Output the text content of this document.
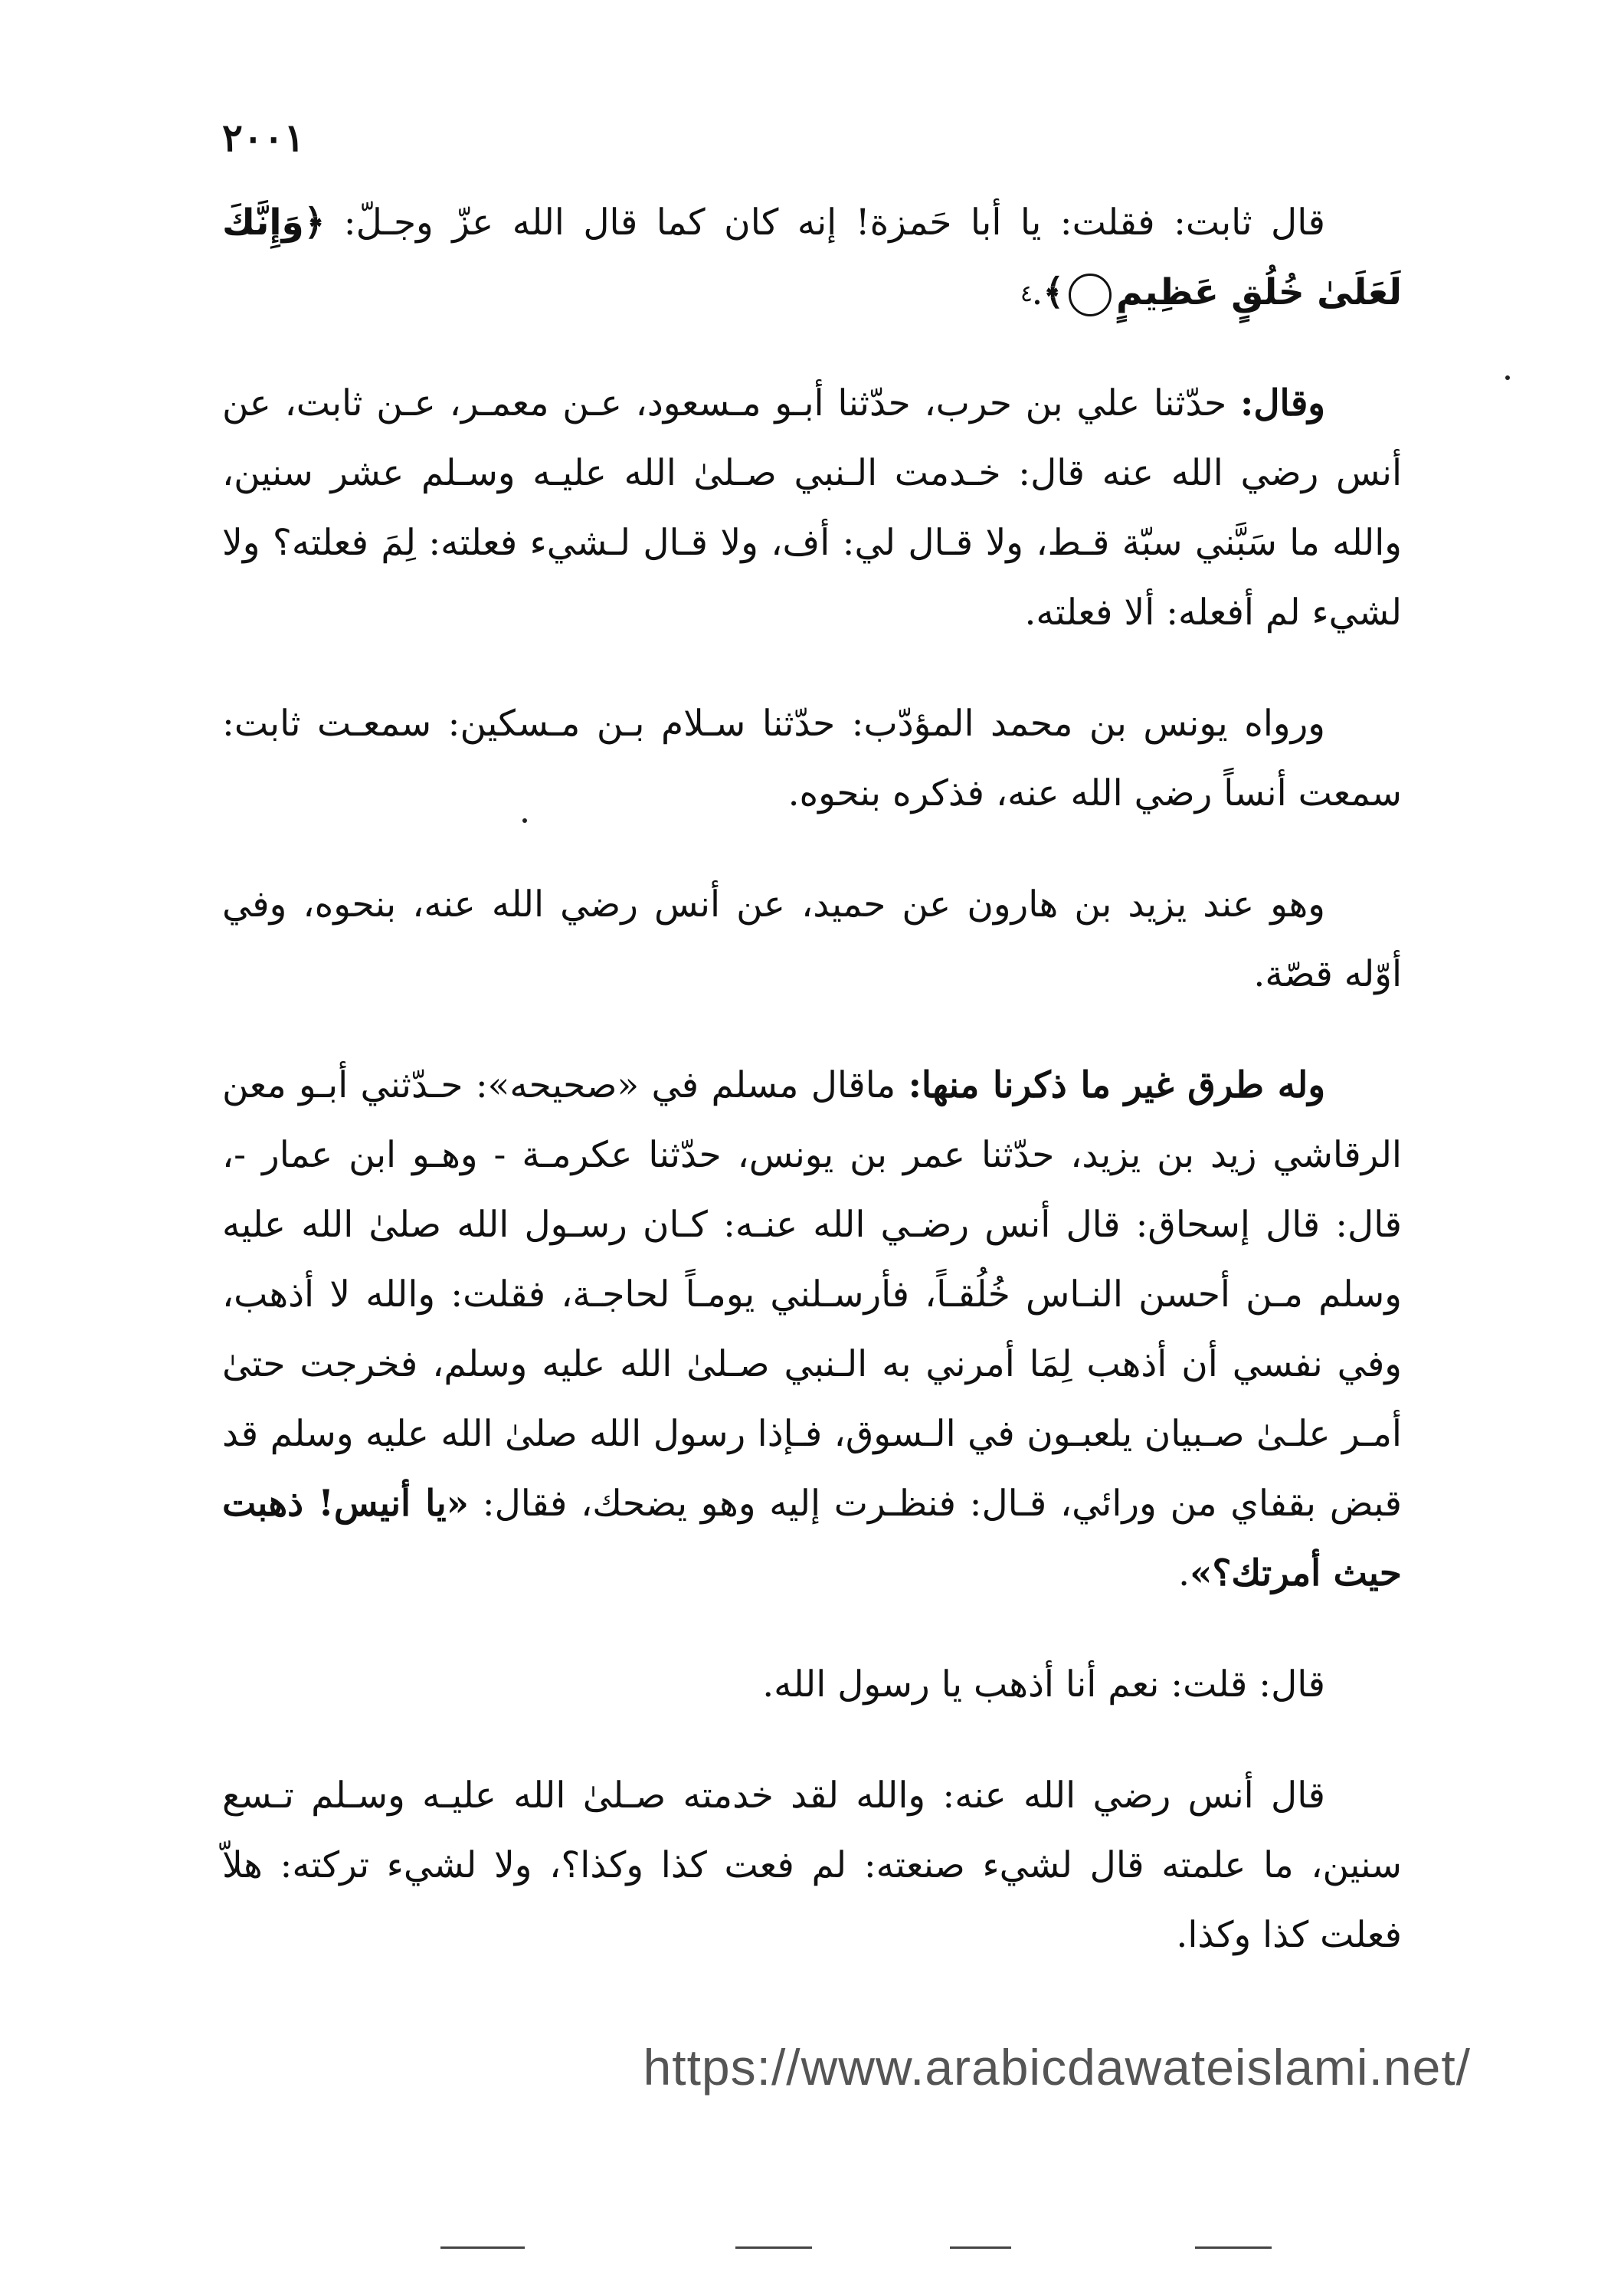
٢٠٠١

قال ثابت: فقلت: يا أبا حَمزة! إنه كان كما قال الله عزّ وجـلّ: ﴿وَإِنَّكَ لَعَلَىٰ خُلُقٍ عَظِيمٍ٤ ﴾.

وقال: حدّثنا علي بن حرب، حدّثنا أبـو مـسعود، عـن معمـر، عـن ثابت، عن أنس رضي الله عنه قال: خـدمت الـنبي صـلىٰ الله عليـه وسـلم عشر سنين، والله ما سَبَّني سبّة قـط، ولا قـال لي: أف، ولا قـال لـشيء فعلته: لِمَ فعلته؟ ولا لشيء لم أفعله: ألا فعلته.

ورواه يونس بن محمد المؤدّب: حدّثنا سـلام بـن مـسكين: سمعـت ثابت: سمعت أنساً رضي الله عنه، فذكره بنحوه.

وهو عند يزيد بن هارون عن حميد، عن أنس رضي الله عنه، بنحوه، وفي أوّله قصّة.

وله طرق غير ما ذكرنا منها: ماقال مسلم في «صحيحه»: حـدّثني أبـو معن الرقاشي زيد بن يزيد، حدّثنا عمر بن يونس، حدّثنا عكرمـة - وهـو ابن عمار -، قال: قال إسحاق: قال أنس رضـي الله عنـه: كـان رسـول الله صلىٰ الله عليه وسلم مـن أحسن النـاس خُلُقـاً، فأرسـلني يومـاً لحاجـة، فقلت: والله لا أذهب، وفي نفسي أن أذهب لِمَا أمرني به الـنبي صـلىٰ الله عليه وسلم، فخرجت حتىٰ أمـر علـىٰ صـبيان يلعبـون في الـسوق، فـإذا رسول الله صلىٰ الله عليه وسلم قد قبض بقفاي من ورائي، قـال: فنظـرت إليه وهو يضحك، فقال: «يا أنيس! ذهبت حيث أمرتك؟».

قال: قلت: نعم أنا أذهب يا رسول الله.

قال أنس رضي الله عنه: والله لقد خدمته صـلىٰ الله عليـه وسـلم تـسع سنين، ما علمته قال لشيء صنعته: لم فعت كذا وكذا؟، ولا لشيء تركته: هلاّ فعلت كذا وكذا.

https://www.arabicdawateislami.net/
